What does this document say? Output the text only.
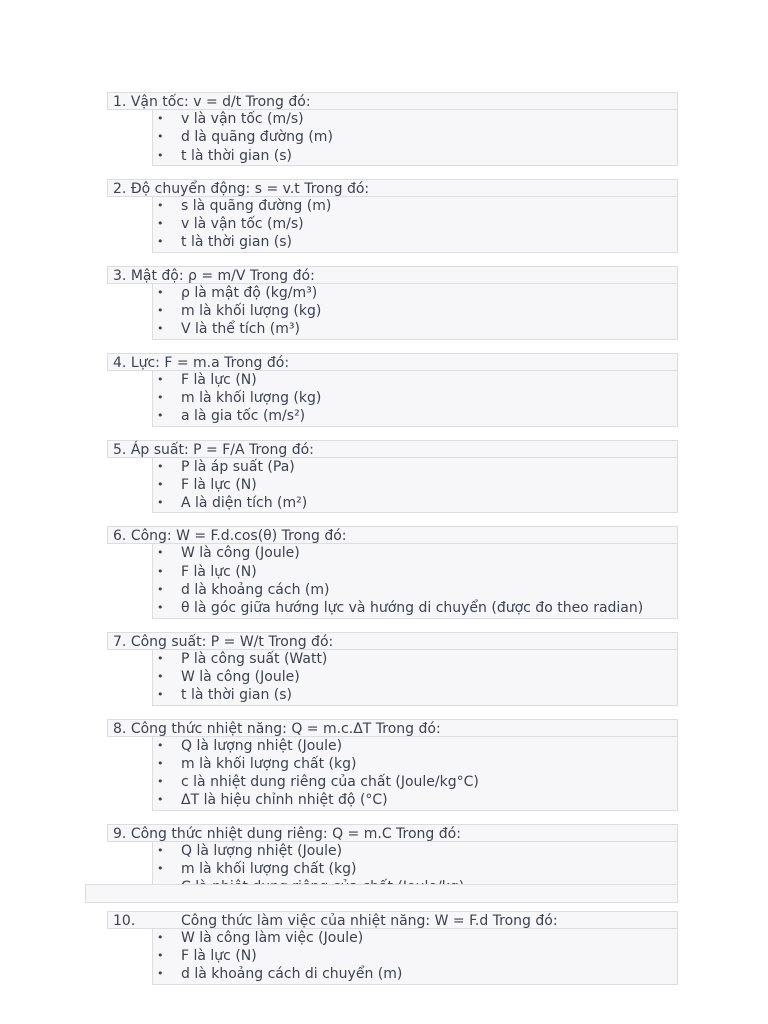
1. Vận tốc: v = d/t Trong đó:
• v là vận tốc (m/s)
• d là quãng đường (m)
• t là thời gian (s)
2. Độ chuyển động: s = v.t Trong đó:
• s là quãng đường (m)
• v là vận tốc (m/s)
• t là thời gian (s)
3. Mật độ: ρ = m/V Trong đó:
• ρ là mật độ (kg/m³)
• m là khối lượng (kg)
• V là thể tích (m³)
4. Lực: F = m.a Trong đó:
• F là lực (N)
• m là khối lượng (kg)
• a là gia tốc (m/s²)
5. Áp suất: P = F/A Trong đó:
• P là áp suất (Pa)
• F là lực (N)
• A là diện tích (m²)
6. Công: W = F.d.cos(θ) Trong đó:
• W là công (Joule)
• F là lực (N)
• d là khoảng cách (m)
• θ là góc giữa hướng lực và hướng di chuyển (được đo theo radian)
7. Công suất: P = W/t Trong đó:
• P là công suất (Watt)
• W là công (Joule)
• t là thời gian (s)
8. Công thức nhiệt năng: Q = m.c.ΔT Trong đó:
• Q là lượng nhiệt (Joule)
• m là khối lượng chất (kg)
• c là nhiệt dung riêng của chất (Joule/kg°C)
• ΔT là hiệu chỉnh nhiệt độ (°C)
9. Công thức nhiệt dung riêng: Q = m.C Trong đó:
• Q là lượng nhiệt (Joule)
• m là khối lượng chất (kg)
•
10.	Công thức làm việc của nhiệt năng: W = F.d Trong đó:
• W là công làm việc (Joule)
• F là lực (N)
• d là khoảng cách di chuyển (m)
